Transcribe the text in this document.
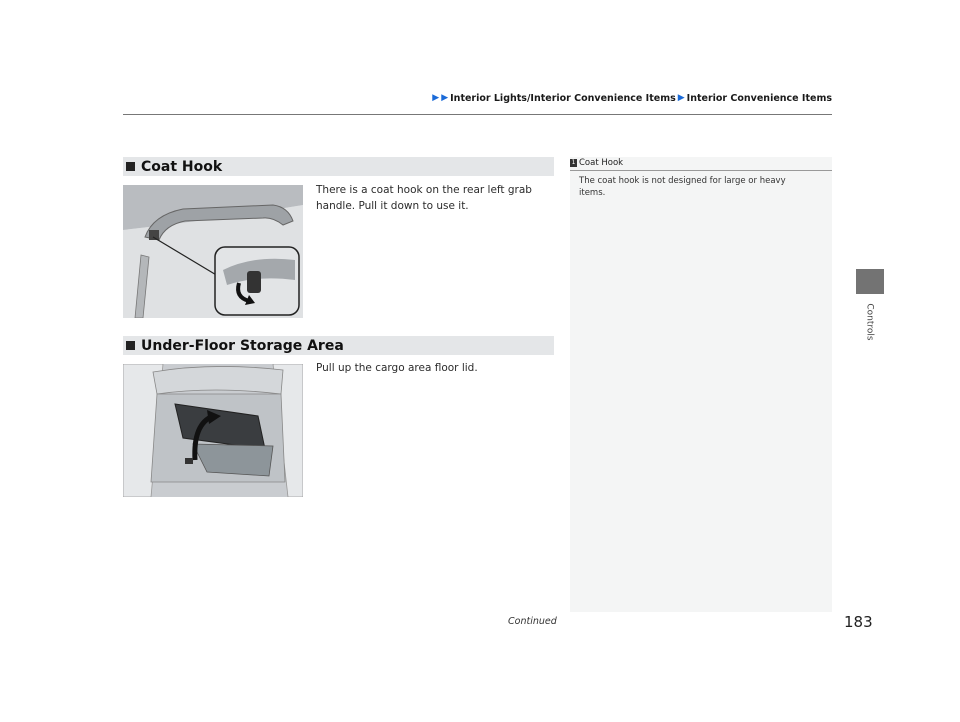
▶ ▶ Interior Lights/Interior Convenience Items ▶ Interior Convenience Items
Coat Hook
There is a coat hook on the rear left grab
handle. Pull it down to use it.
Under-Floor Storage Area
Pull up the cargo area floor lid.
1 Coat Hook
The coat hook is not designed for large or heavy
items.
Controls
Continued	183
